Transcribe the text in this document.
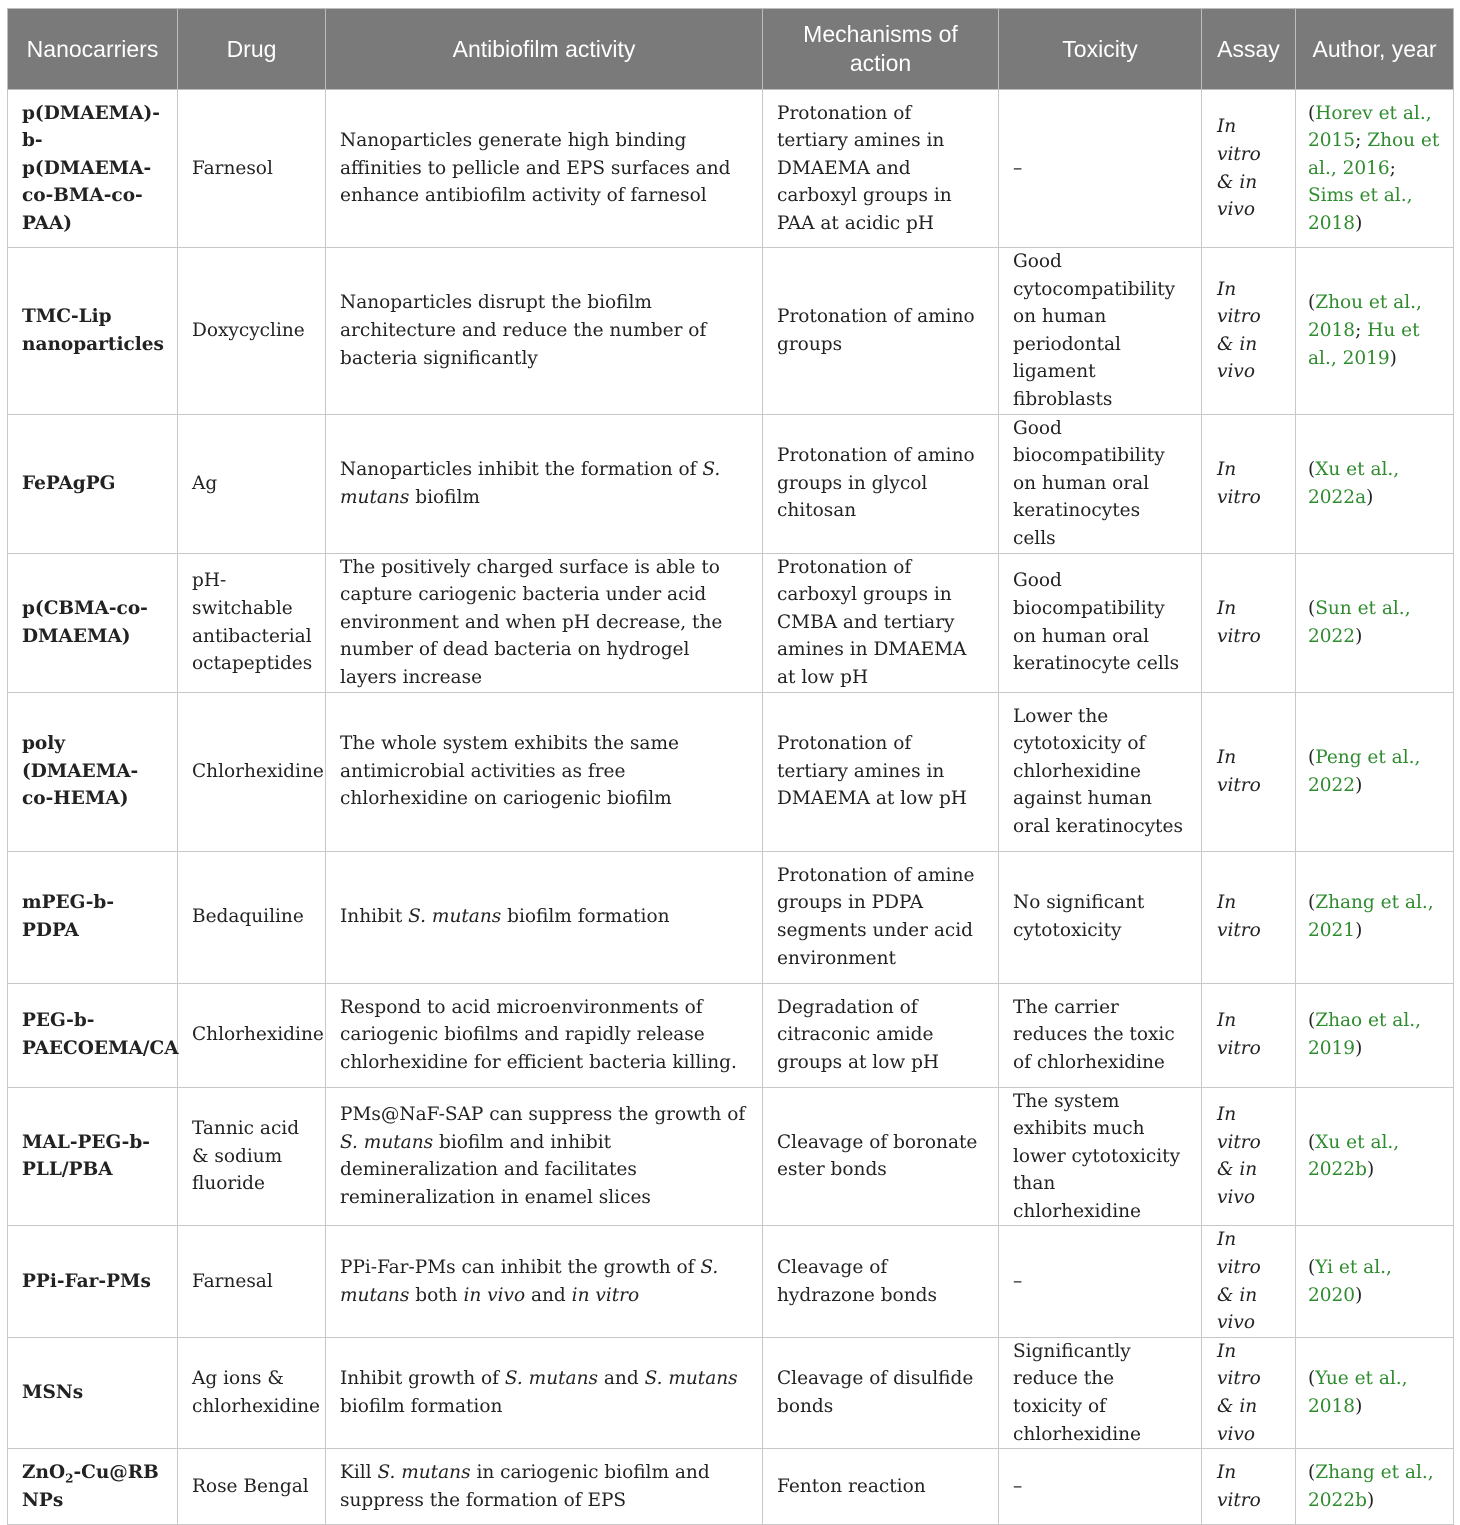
Nanocarriers	Drug	Antibiofilm activity	Mechanisms of action	Toxicity	Assay	Author, year
p(DMAEMA)-b-p(DMAEMA-co-BMA-co-PAA)	Farnesol	Nanoparticles generate high binding affinities to pellicle and EPS surfaces and enhance antibiofilm activity of farnesol	Protonation of tertiary amines in DMAEMA and carboxyl groups in PAA at acidic pH	–	In vitro & in vivo	(Horev et al., 2015; Zhou et al., 2016; Sims et al., 2018)
TMC-Lip nanoparticles	Doxycycline	Nanoparticles disrupt the biofilm architecture and reduce the number of bacteria significantly	Protonation of amino groups	Good cytocompatibility on human periodontal ligament fibroblasts	In vitro & in vivo	(Zhou et al., 2018; Hu et al., 2019)
FePAgPG	Ag	Nanoparticles inhibit the formation of S. mutans biofilm	Protonation of amino groups in glycol chitosan	Good biocompatibility on human oral keratinocytes cells	In vitro	(Xu et al., 2022a)
p(CBMA-co-DMAEMA)	pH-switchable antibacterial octapeptides	The positively charged surface is able to capture cariogenic bacteria under acid environment and when pH decrease, the number of dead bacteria on hydrogel layers increase	Protonation of carboxyl groups in CMBA and tertiary amines in DMAEMA at low pH	Good biocompatibility on human oral keratinocyte cells	In vitro	(Sun et al., 2022)
poly (DMAEMA-co-HEMA)	Chlorhexidine	The whole system exhibits the same antimicrobial activities as free chlorhexidine on cariogenic biofilm	Protonation of tertiary amines in DMAEMA at low pH	Lower the cytotoxicity of chlorhexidine against human oral keratinocytes	In vitro	(Peng et al., 2022)
mPEG-b-PDPA	Bedaquiline	Inhibit S. mutans biofilm formation	Protonation of amine groups in PDPA segments under acid environment	No significant cytotoxicity	In vitro	(Zhang et al., 2021)
PEG-b-PAECOEMA/CA	Chlorhexidine	Respond to acid microenvironments of cariogenic biofilms and rapidly release chlorhexidine for efficient bacteria killing.	Degradation of citraconic amide groups at low pH	The carrier reduces the toxic of chlorhexidine	In vitro	(Zhao et al., 2019)
MAL-PEG-b-PLL/PBA	Tannic acid & sodium fluoride	PMs@NaF-SAP can suppress the growth of S. mutans biofilm and inhibit demineralization and facilitates remineralization in enamel slices	Cleavage of boronate ester bonds	The system exhibits much lower cytotoxicity than chlorhexidine	In vitro & in vivo	(Xu et al., 2022b)
PPi-Far-PMs	Farnesal	PPi-Far-PMs can inhibit the growth of S. mutans both in vivo and in vitro	Cleavage of hydrazone bonds	–	In vitro & in vivo	(Yi et al., 2020)
MSNs	Ag ions & chlorhexidine	Inhibit growth of S. mutans and S. mutans biofilm formation	Cleavage of disulfide bonds	Significantly reduce the toxicity of chlorhexidine	In vitro & in vivo	(Yue et al., 2018)
ZnO$_2$-Cu@RB NPs	Rose Bengal	Kill S. mutans in cariogenic biofilm and suppress the formation of EPS	Fenton reaction	–	In vitro	(Zhang et al., 2022b)
